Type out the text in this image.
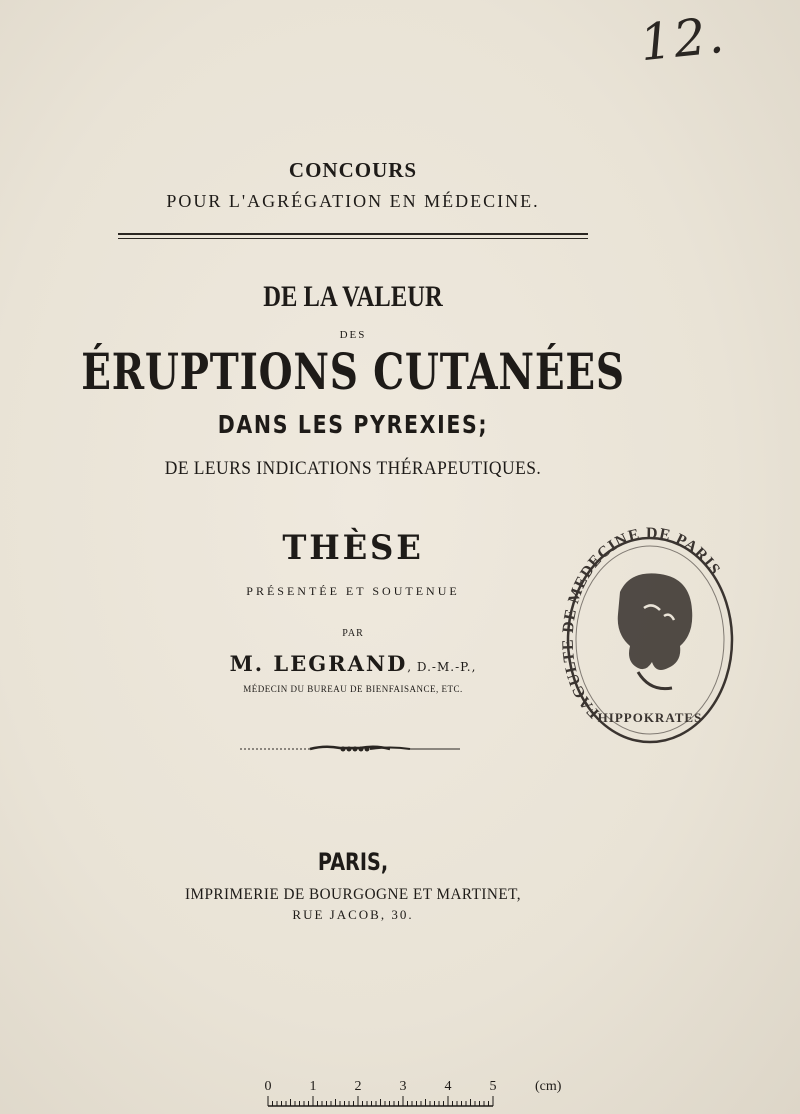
12.
CONCOURS
POUR L'AGRÉGATION EN MÉDECINE.
DE LA VALEUR
DES
ÉRUPTIONS CUTANÉES
DANS LES PYREXIES;
DE LEURS INDICATIONS THÉRAPEUTIQUES.
THÈSE
PRÉSENTÉE ET SOUTENUE
PAR
M. LEGRAND, D.-M.-P.,
MÉDECIN DU BUREAU DE BIENFAISANCE, ETC.
PARIS,
IMPRIMERIE DE BOURGOGNE ET MARTINET,
RUE JACOB, 30.
FACULTE DE MEDECINE DE PARIS
HIPPOKRATES
0	1	2	3	4	5	(cm)
